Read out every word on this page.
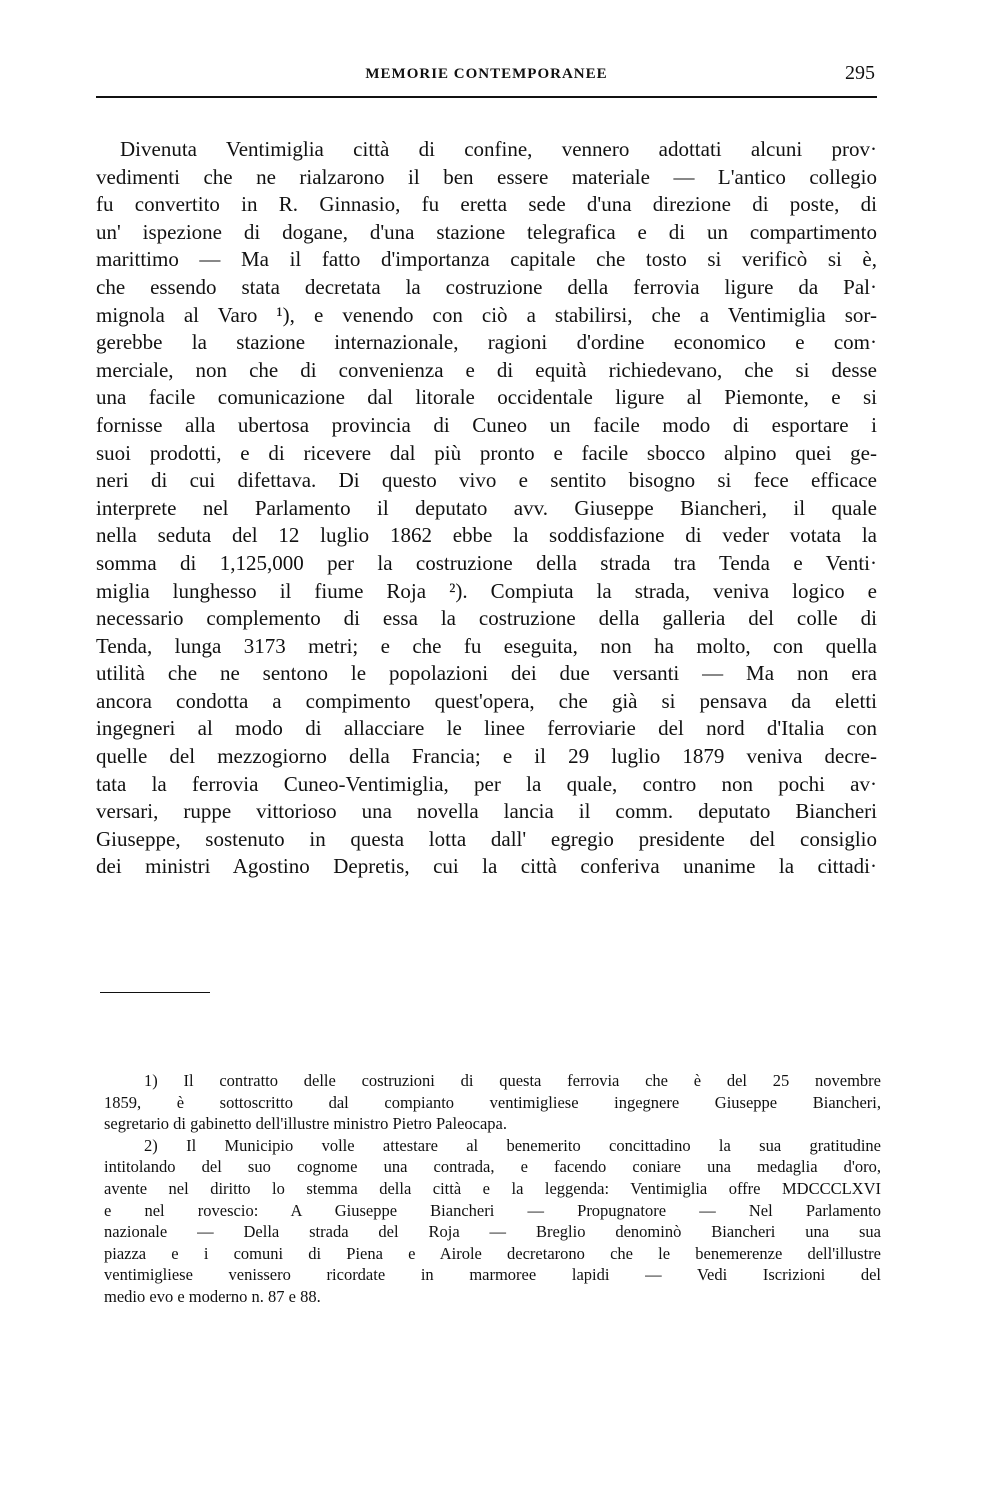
MEMORIE CONTEMPORANEE	295
Divenuta Ventimiglia città di confine, vennero adottati alcuni prov·
vedimenti che ne rialzarono il ben essere materiale — L'antico collegio
fu convertito in R. Ginnasio, fu eretta sede d'una direzione di poste, di
un' ispezione di dogane, d'una stazione telegrafica e di un compartimento
marittimo — Ma il fatto d'importanza capitale che tosto si verificò si è,
che essendo stata decretata la costruzione della ferrovia ligure da Pal·
mignola al Varo ¹), e venendo con ciò a stabilirsi, che a Ventimiglia sor-
gerebbe la stazione internazionale, ragioni d'ordine economico e com·
merciale, non che di convenienza e di equità richiedevano, che si desse
una facile comunicazione dal litorale occidentale ligure al Piemonte, e si
fornisse alla ubertosa provincia di Cuneo un facile modo di esportare i
suoi prodotti, e di ricevere dal più pronto e facile sbocco alpino quei ge-
neri di cui difettava. Di questo vivo e sentito bisogno si fece efficace
interprete nel Parlamento il deputato avv. Giuseppe Biancheri, il quale
nella seduta del 12 luglio 1862 ebbe la soddisfazione di veder votata la
somma di 1,125,000 per la costruzione della strada tra Tenda e Venti·
miglia lunghesso il fiume Roja ²). Compiuta la strada, veniva logico e
necessario complemento di essa la costruzione della galleria del colle di
Tenda, lunga 3173 metri; e che fu eseguita, non ha molto, con quella
utilità che ne sentono le popolazioni dei due versanti — Ma non era
ancora condotta a compimento quest'opera, che già si pensava da eletti
ingegneri al modo di allacciare le linee ferroviarie del nord d'Italia con
quelle del mezzogiorno della Francia; e il 29 luglio 1879 veniva decre-
tata la ferrovia Cuneo-Ventimiglia, per la quale, contro non pochi av·
versari, ruppe vittorioso una novella lancia il comm. deputato Biancheri
Giuseppe, sostenuto in questa lotta dall' egregio presidente del consiglio
dei ministri Agostino Depretis, cui la città conferiva unanime la cittadi·
1) Il contratto delle costruzioni di questa ferrovia che è del 25 novembre
1859, è sottoscritto dal compianto ventimigliese ingegnere Giuseppe Biancheri,
segretario di gabinetto dell'illustre ministro Pietro Paleocapa.
2) Il Municipio volle attestare al benemerito concittadino la sua gratitudine
intitolando del suo cognome una contrada, e facendo coniare una medaglia d'oro,
avente nel diritto lo stemma della città e la leggenda: Ventimiglia offre MDCCCLXVI
e nel rovescio: A Giuseppe Biancheri — Propugnatore — Nel Parlamento
nazionale — Della strada del Roja — Breglio denominò Biancheri una sua
piazza e i comuni di Piena e Airole decretarono che le benemerenze dell'illustre
ventimigliese venissero ricordate in marmoree lapidi — Vedi Iscrizioni del
medio evo e moderno n. 87 e 88.
